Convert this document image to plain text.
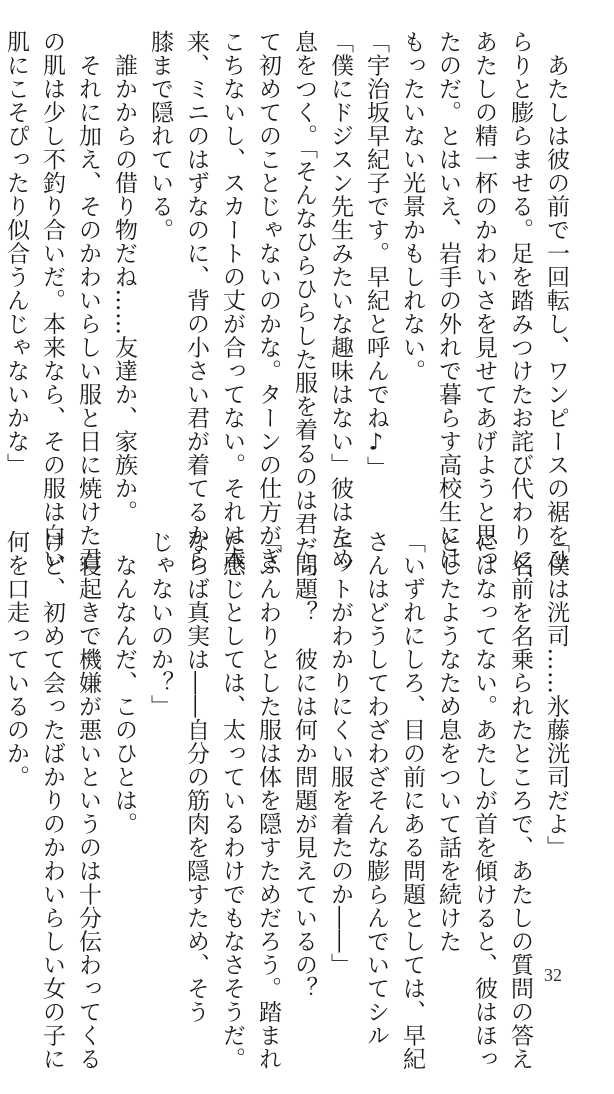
　あたしは彼の前で一回転し、ワンピースの裾をひ
らりと膨らませる。足を踏みつけたお詫び代わりに、
あたしの精一杯のかわいさを見せてあげようと思っ
たのだ。とはいえ、岩手の外れで暮らす高校生には
もったいない光景かもしれない。
「宇治坂早紀子です。早紀と呼んでね♪」
「僕にドジスン先生みたいな趣味はない」彼はため
息をつく。「そんなひらひらした服を着るのは君だっ
て初めてのことじゃないのかな。ターンの仕方がぎ
こちないし、スカートの丈が合ってない。それは本
来、ミニのはずなのに、背の小さい君が着てるから
膝まで隠れている。
　誰かからの借り物だね……友達か、家族か。
　それに加え、そのかわいらしい服と日に焼けた君
の肌は少し不釣り合いだ。本来なら、その服は白い
肌にこそぴったり似合うんじゃないかな」
「僕は洸司……氷藤洸司だよ」
　名前を名乗られたところで、あたしの質問の答え
にはなってない。あたしが首を傾けると、彼はほっ
としたようなため息をついて話を続けた
「いずれにしろ、目の前にある問題としては、早紀
さんはどうしてわざわざそんな膨らんでいてシル
エットがわかりにくい服を着たのか――」
　問題？　彼には何か問題が見えているの？
「ふんわりとした服は体を隠すためだろう。踏まれ
た感じとしては、太っているわけでもなさそうだ。
ならば真実は――自分の筋肉を隠すため、そう
じゃないのか？」
　なんなんだ、このひとは。
　寝起きで機嫌が悪いというのは十分伝わってくる
けど、初めて会ったばかりのかわいらしい女の子に
何を口走っているのか。
32
